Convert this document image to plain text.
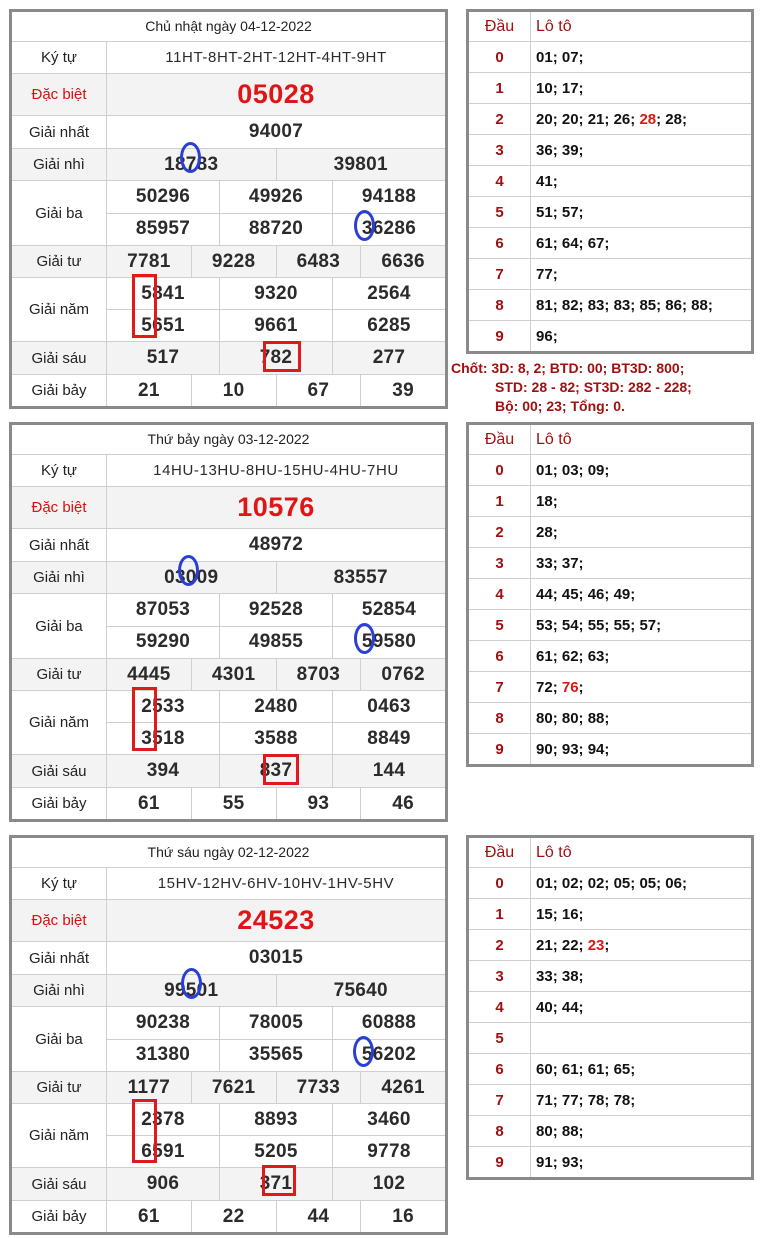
Chủ nhật ngày 04-12-2022
Ký tự	11HT-8HT-2HT-12HT-4HT-9HT
Đặc biệt	05028
Giải nhất	94007
Giải nhì	18783	39801
Giải ba
50296	49926	94188
85957	88720	36286
Giải tư	7781	9228	6483	6636
Giải năm
5841	9320	2564
5651	9661	6285
Giải sáu	517	782	277
Giải bảy	21	10	67	39
Thứ bảy ngày 03-12-2022
Ký tự	14HU-13HU-8HU-15HU-4HU-7HU
Đặc biệt	10576
Giải nhất	48972
Giải nhì	03009	83557
Giải ba
87053	92528	52854
59290	49855	59580
Giải tư	4445	4301	8703	0762
Giải năm
2533	2480	0463
3518	3588	8849
Giải sáu	394	837	144
Giải bảy	61	55	93	46
Thứ sáu ngày 02-12-2022
Ký tự	15HV-12HV-6HV-10HV-1HV-5HV
Đặc biệt	24523
Giải nhất	03015
Giải nhì	99501	75640
Giải ba
90238	78005	60888
31380	35565	56202
Giải tư	1177	7621	7733	4261
Giải năm
2378	8893	3460
6591	5205	9778
Giải sáu	906	371	102
Giải bảy	61	22	44	16
Đầu	Lô tô
0	01 ; 07 ;
1	10 ; 17 ;
2	20 ; 20 ; 21 ; 26 ; 28 ; 28 ;
3	36 ; 39 ;
4	41 ;
5	51 ; 57 ;
6	61 ; 64 ; 67 ;
7	77 ;
8	81 ; 82 ; 83 ; 83 ; 85 ; 86 ; 88 ;
9	96 ;
Đầu	Lô tô
0	01 ; 03 ; 09 ;
1	18 ;
2	28 ;
3	33 ; 37 ;
4	44 ; 45 ; 46 ; 49 ;
5	53 ; 54 ; 55 ; 55 ; 57 ;
6	61 ; 62 ; 63 ;
7	72 ; 76 ;
8	80 ; 80 ; 88 ;
9	90 ; 93 ; 94 ;
Đầu	Lô tô
0	01 ; 02 ; 02 ; 05 ; 05 ; 06 ;
1	15 ; 16 ;
2	21 ; 22 ; 23 ;
3	33 ; 38 ;
4	40 ; 44 ;
5
6	60 ; 61 ; 61 ; 65 ;
7	71 ; 77 ; 78 ; 78 ;
8	80 ; 88 ;
9	91 ; 93 ;
Chốt: 3D: 8, 2; BTD: 00; BT3D: 800;
STD: 28 - 82; ST3D: 282 - 228;
Bộ: 00; 23; Tổng: 0.
